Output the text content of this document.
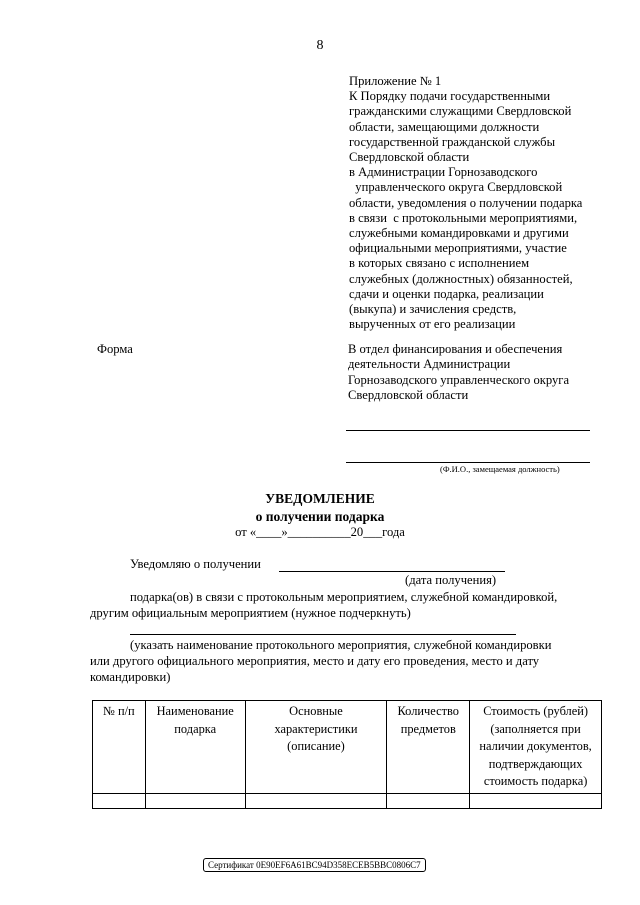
8
Приложение № 1
К Порядку подачи государственными
гражданскими служащими Свердловской
области, замещающими должности
государственной гражданской службы
Свердловской области
в Администрации Горнозаводского
управленческого округа Свердловской
области, уведомления о получении подарка
в связи  с протокольными мероприятиями,
служебными командировками и другими
официальными мероприятиями, участие
в которых связано с исполнением
служебных (должностных) обязанностей,
сдачи и оценки подарка, реализации
(выкупа) и зачисления средств,
вырученных от его реализации
Форма	В отдел финансирования и обеспечения
деятельности Администрации
Горнозаводского управленческого округа
Свердловской области
(Ф.И.О., замещаемая должность)
УВЕДОМЛЕНИЕ
о получении подарка
от «____»__________20___года
Уведомляю о получении
(дата получения)
подарка(ов) в связи с протокольным мероприятием, служебной командировкой,
другим официальным мероприятием (нужное подчеркнуть)
(указать наименование протокольного мероприятия, служебной командировки
или другого официального мероприятия, место и дату его проведения, место и дату
командировки)
№ п/п	Наименование подарка	Основные характеристики (описание)	Количество предметов	Стоимость (рублей) (заполняется при наличии документов, подтверждающих стоимость подарка)

Сертификат 0E90EF6A61BC94D358ECEB5BBC0806C7
